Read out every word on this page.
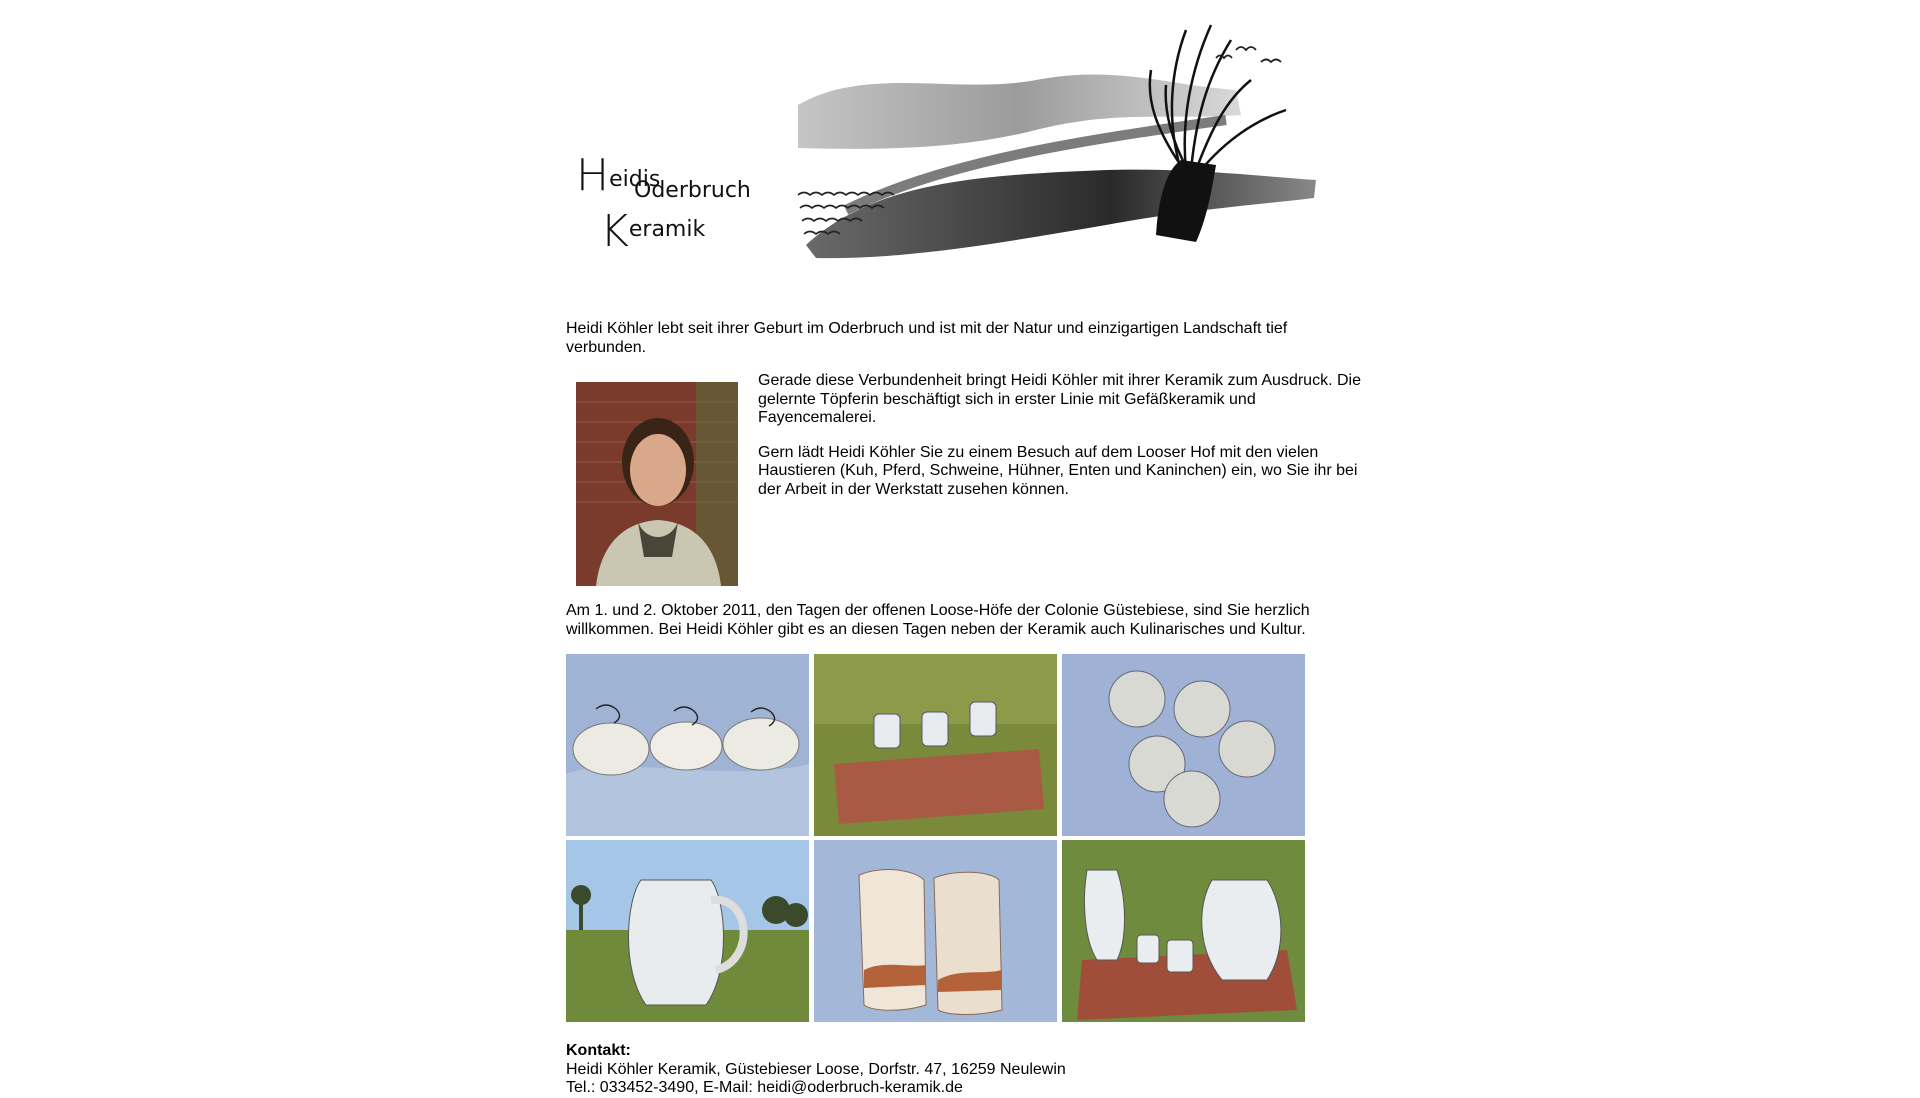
Heidis
Oderbruch
Keramik

Heidi Köhler lebt seit ihrer Geburt im Oderbruch und ist mit der Natur und einzigartigen Landschaft tief verbunden.

Gerade diese Verbundenheit bringt Heidi Köhler mit ihrer Keramik zum Ausdruck. Die gelernte Töpferin beschäftigt sich in erster Linie mit Gefäßkeramik und Fayencemalerei.

Gern lädt Heidi Köhler Sie zu einem Besuch auf dem Looser Hof mit den vielen Haustieren (Kuh, Pferd, Schweine, Hühner, Enten und Kaninchen) ein, wo Sie ihr bei der Arbeit in der Werkstatt zusehen können.

Am 1. und 2. Oktober 2011, den Tagen der offenen Loose-Höfe der Colonie Güstebiese, sind Sie herzlich willkommen. Bei Heidi Köhler gibt es an diesen Tagen neben der Keramik auch Kulinarisches und Kultur.

Kontakt:
Heidi Köhler Keramik, Güstebieser Loose, Dorfstr. 47, 16259 Neulewin
Tel.: 033452-3490, E-Mail: heidi@oderbruch-keramik.de
